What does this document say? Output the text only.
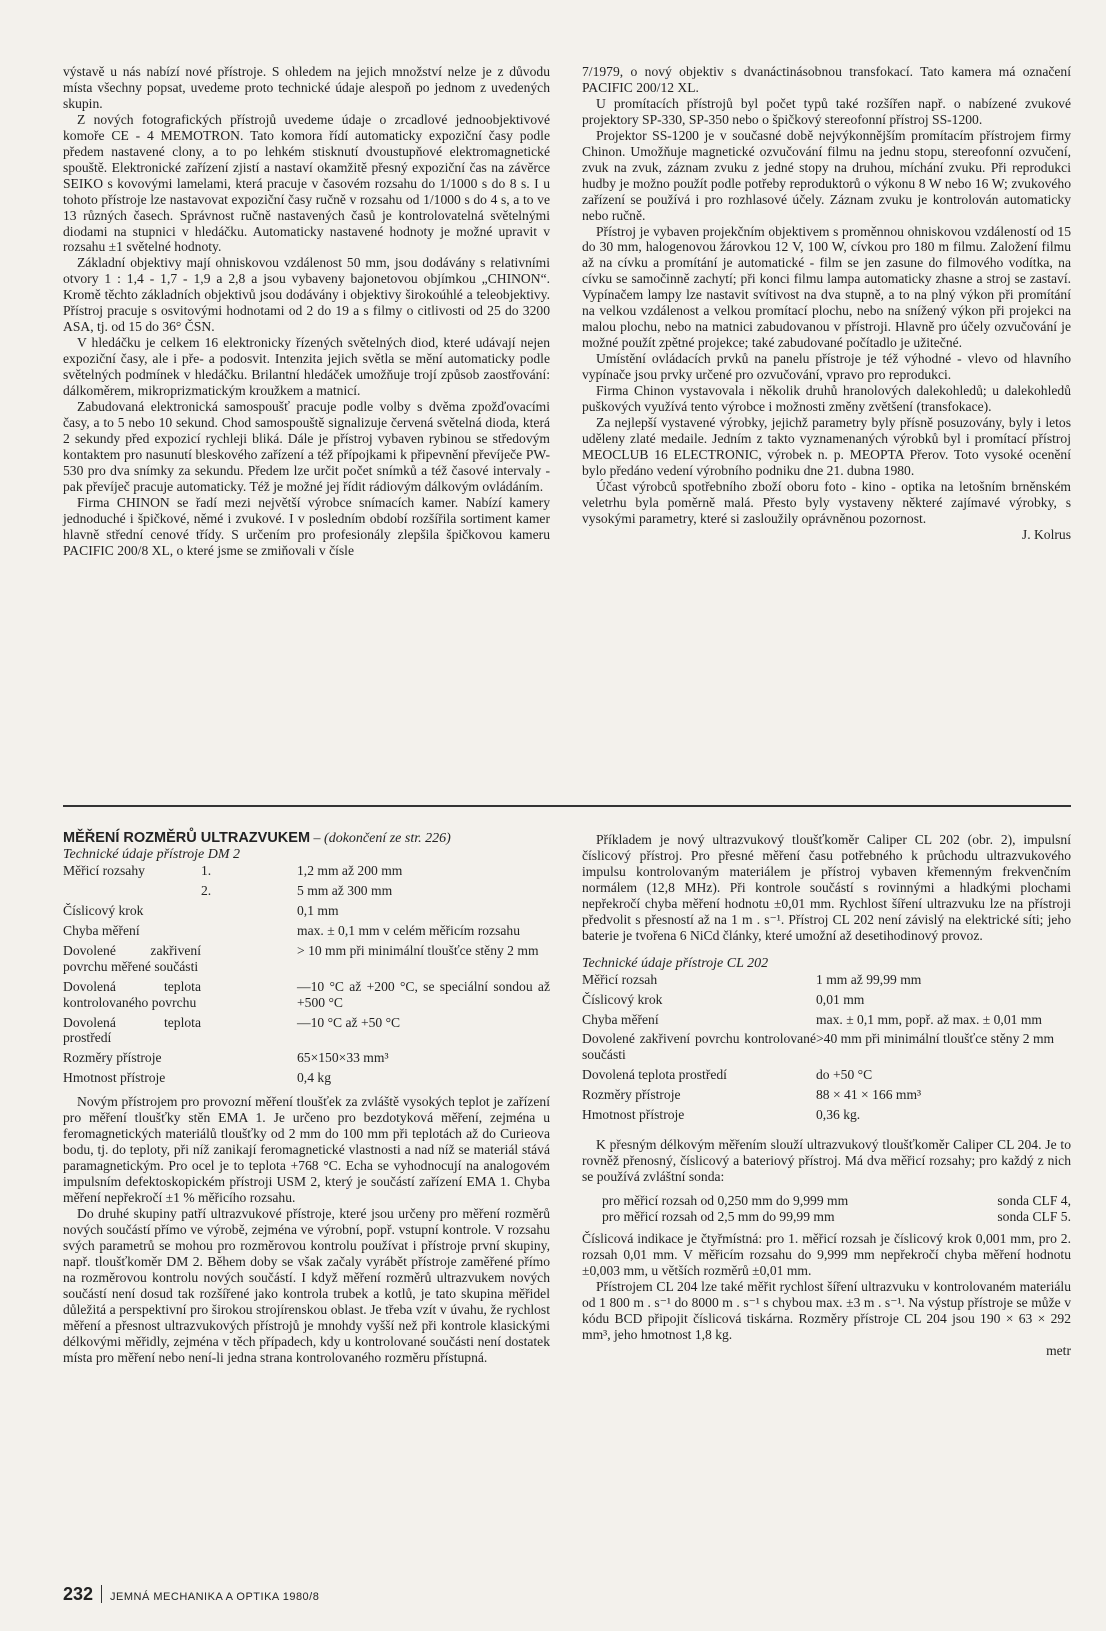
výstavě u nás nabízí nové přístroje. S ohledem na jejich množství nelze je z důvodu místa všechny popsat, uvedeme proto technické údaje alespoň po jednom z uvedených skupin.

Z nových fotografických přístrojů uvedeme údaje o zrcadlové jednoobjektivové komoře CE - 4 MEMOTRON. Tato komora řídí automaticky expoziční časy podle předem nastavené clony, a to po lehkém stisknutí dvoustupňové elektromagnetické spouště. Elektronické zařízení zjistí a nastaví okamžitě přesný expoziční čas na závěrce SEIKO s kovovými lamelami, která pracuje v časovém rozsahu do 1/1000 s do 8 s. I u tohoto přístroje lze nastavovat expoziční časy ručně v rozsahu od 1/1000 s do 4 s, a to ve 13 různých časech. Správnost ručně nastavených časů je kontrolovatelná světelnými diodami na stupnici v hledáčku. Automaticky nastavené hodnoty je možné upravit v rozsahu ±1 světelné hodnoty.

Základní objektivy mají ohniskovou vzdálenost 50 mm, jsou dodávány s relativními otvory 1 : 1,4 - 1,7 - 1,9 a 2,8 a jsou vybaveny bajonetovou objímkou „CHINON“. Kromě těchto základních objektivů jsou dodávány i objektivy širokoúhlé a teleobjektivy. Přístroj pracuje s osvitovými hodnotami od 2 do 19 a s filmy o citlivosti od 25 do 3200 ASA, tj. od 15 do 36° ČSN.

V hledáčku je celkem 16 elektronicky řízených světelných diod, které udávají nejen expoziční časy, ale i pře- a podosvit. Intenzita jejich světla se mění automaticky podle světelných podmínek v hledáčku. Brilantní hledáček umožňuje trojí způsob zaostřování: dálkoměrem, mikroprizmatickým kroužkem a matnicí.

Zabudovaná elektronická samospoušť pracuje podle volby s dvěma zpožďovacími časy, a to 5 nebo 10 sekund. Chod samospouště signalizuje červená světelná dioda, která 2 sekundy před expozicí rychleji bliká. Dále je přístroj vybaven rybinou se středovým kontaktem pro nasunutí bleskového zařízení a též přípojkami k připevnění převíječe PW-530 pro dva snímky za sekundu. Předem lze určit počet snímků a též časové intervaly - pak převíječ pracuje automaticky. Též je možné jej řídit rádiovým dálkovým ovládáním.

Firma CHINON se řadí mezi největší výrobce snímacích kamer. Nabízí kamery jednoduché i špičkové, němé i zvukové. I v posledním období rozšířila sortiment kamer hlavně střední cenové třídy. S určením pro profesionály zlepšila špičkovou kameru PACIFIC 200/8 XL, o které jsme se zmiňovali v čísle

7/1979, o nový objektiv s dvanáctinásobnou transfokací. Tato kamera má označení PACIFIC 200/12 XL.

U promítacích přístrojů byl počet typů také rozšířen např. o nabízené zvukové projektory SP-330, SP-350 nebo o špičkový stereofonní přístroj SS-1200.

Projektor SS-1200 je v současné době nejvýkonnějším promítacím přístrojem firmy Chinon. Umožňuje magnetické ozvučování filmu na jednu stopu, stereofonní ozvučení, zvuk na zvuk, záznam zvuku z jedné stopy na druhou, míchání zvuku. Při reprodukci hudby je možno použít podle potřeby reproduktorů o výkonu 8 W nebo 16 W; zvukového zařízení se používá i pro rozhlasové účely. Záznam zvuku je kontrolován automaticky nebo ručně.

Přístroj je vybaven projekčním objektivem s proměnnou ohniskovou vzdáleností od 15 do 30 mm, halogenovou žárovkou 12 V, 100 W, cívkou pro 180 m filmu. Založení filmu až na cívku a promítání je automatické - film se jen zasune do filmového vodítka, na cívku se samočinně zachytí; při konci filmu lampa automaticky zhasne a stroj se zastaví. Vypínačem lampy lze nastavit svítivost na dva stupně, a to na plný výkon při promítání na velkou vzdálenost a velkou promítací plochu, nebo na snížený výkon při projekci na malou plochu, nebo na matnici zabudovanou v přístroji. Hlavně pro účely ozvučování je možné použít zpětné projekce; také zabudované počítadlo je užitečné.

Umístění ovládacích prvků na panelu přístroje je též výhodné - vlevo od hlavního vypínače jsou prvky určené pro ozvučování, vpravo pro reprodukci.

Firma Chinon vystavovala i několik druhů hranolových dalekohledů; u dalekohledů puškových využívá tento výrobce i možnosti změny zvětšení (transfokace).

Za nejlepší vystavené výrobky, jejichž parametry byly přísně posuzovány, byly i letos uděleny zlaté medaile. Jedním z takto vyznamenaných výrobků byl i promítací přístroj MEOCLUB 16 ELECTRONIC, výrobek n. p. MEOPTA Přerov. Toto vysoké ocenění bylo předáno vedení výrobního podniku dne 21. dubna 1980.

Účast výrobců spotřebního zboží oboru foto - kino - optika na letošním brněnském veletrhu byla poměrně malá. Přesto byly vystaveny některé zajímavé výrobky, s vysokými parametry, které si zasloužily oprávněnou pozornost.

J. Kolrus

MĚŘENÍ ROZMĚRŮ ULTRAZVUKEM – (dokončení ze str. 226)

Technické údaje přístroje DM 2

Měřicí rozsahy	1.	1,2 mm až 200 mm
	2.	5 mm až 300 mm
Číslicový krok		0,1 mm
Chyba měření		max. ± 0,1 mm v celém měřicím rozsahu
Dovolené zakřivení povrchu měřené součásti		> 10 mm při minimální tloušťce stěny 2 mm
Dovolená teplota kontrolovaného povrchu		—10 °C až +200 °C, se speciální sondou až +500 °C
Dovolená teplota prostředí		—10 °C až +50 °C
Rozměry přístroje		65×150×33 mm³
Hmotnost přístroje		0,4 kg

Novým přístrojem pro provozní měření tloušťek za zvláště vysokých teplot je zařízení pro měření tloušťky stěn EMA 1. Je určeno pro bezdotyková měření, zejména u feromagnetických materiálů tloušťky od 2 mm do 100 mm při teplotách až do Curieova bodu, tj. do teploty, při níž zanikají feromagnetické vlastnosti a nad níž se materiál stává paramagnetickým. Pro ocel je to teplota +768 °C. Echa se vyhodnocují na analogovém impulsním defektoskopickém přístroji USM 2, který je součástí zařízení EMA 1. Chyba měření nepřekročí ±1 % měřicího rozsahu.

Do druhé skupiny patří ultrazvukové přístroje, které jsou určeny pro měření rozměrů nových součástí přímo ve výrobě, zejména ve výrobní, popř. vstupní kontrole. V rozsahu svých parametrů se mohou pro rozměrovou kontrolu používat i přístroje první skupiny, např. tloušťkoměr DM 2. Během doby se však začaly vyrábět přístroje zaměřené přímo na rozměrovou kontrolu nových součástí. I když měření rozměrů ultrazvukem nových součástí není dosud tak rozšířené jako kontrola trubek a kotlů, je tato skupina měřidel důležitá a perspektivní pro širokou strojírenskou oblast. Je třeba vzít v úvahu, že rychlost měření a přesnost ultrazvukových přístrojů je mnohdy vyšší než při kontrole klasickými délkovými měřidly, zejména v těch případech, kdy u kontrolované součásti není dostatek místa pro měření nebo není-li jedna strana kontrolovaného rozměru přístupná.

Příkladem je nový ultrazvukový tloušťkoměr Caliper CL 202 (obr. 2), impulsní číslicový přístroj. Pro přesné měření času potřebného k průchodu ultrazvukového impulsu kontrolovaným materiálem je přístroj vybaven křemenným frekvenčním normálem (12,8 MHz). Při kontrole součástí s rovinnými a hladkými plochami nepřekročí chyba měření hodnotu ±0,01 mm. Rychlost šíření ultrazvuku lze na přístroji předvolit s přesností až na 1 m . s⁻¹. Přístroj CL 202 není závislý na elektrické síti; jeho baterie je tvořena 6 NiCd články, které umožní až desetihodinový provoz.

Technické údaje přístroje CL 202

Měřicí rozsah	1 mm až 99,99 mm
Číslicový krok	0,01 mm
Chyba měření	max. ± 0,1 mm, popř. až max. ± 0,01 mm
Dovolené zakřivení povrchu kontrolované součásti	>40 mm při minimální tloušťce stěny 2 mm
Dovolená teplota prostředí	do +50 °C
Rozměry přístroje	88 × 41 × 166 mm³
Hmotnost přístroje	0,36 kg.

K přesným délkovým měřením slouží ultrazvukový tloušťkoměr Caliper CL 204. Je to rovněž přenosný, číslicový a bateriový přístroj. Má dva měřicí rozsahy; pro každý z nich se používá zvláštní sonda:

pro měřicí rozsah od 0,250 mm do 9,999 mm	sonda CLF 4,
pro měřicí rozsah od 2,5 mm do 99,99 mm	sonda CLF 5.

Číslicová indikace je čtyřmístná: pro 1. měřicí rozsah je číslicový krok 0,001 mm, pro 2. rozsah 0,01 mm. V měřicím rozsahu do 9,999 mm nepřekročí chyba měření hodnotu ±0,003 mm, u větších rozměrů ±0,01 mm.

Přístrojem CL 204 lze také měřit rychlost šíření ultrazvuku v kontrolovaném materiálu od 1 800 m . s⁻¹ do 8000 m . s⁻¹ s chybou max. ±3 m . s⁻¹. Na výstup přístroje se může v kódu BCD připojit číslicová tiskárna. Rozměry přístroje CL 204 jsou 190 × 63 × 292 mm³, jeho hmotnost 1,8 kg.

metr

232 JEMNÁ MECHANIKA A OPTIKA 1980/8
